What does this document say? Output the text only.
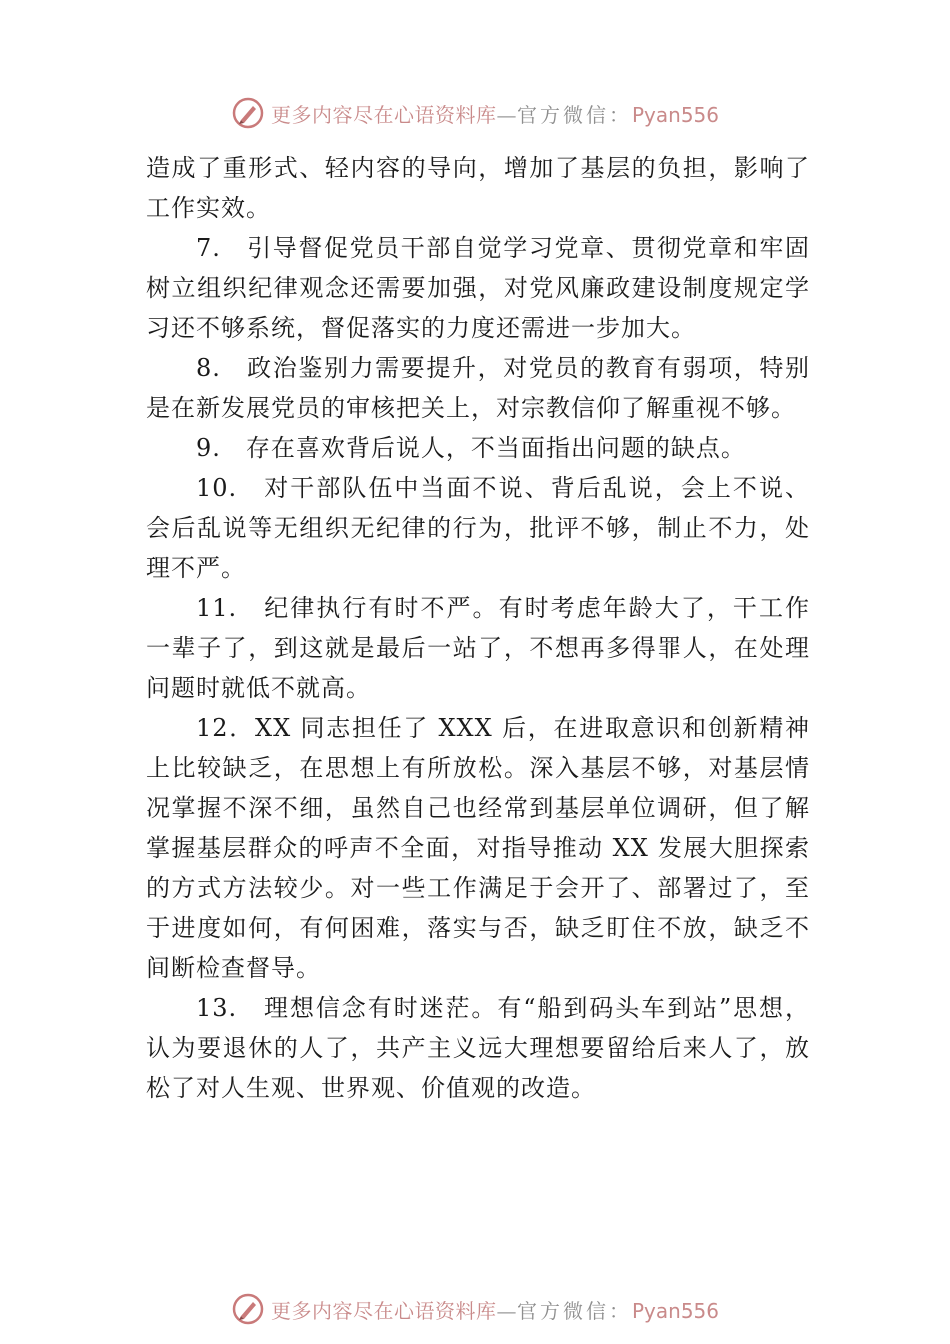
更多内容尽在心语资料库—官方微信：Pyan556

造成了重形式、轻内容的导向，增加了基层的负担，影响了工作实效。

7.　引导督促党员干部自觉学习党章、贯彻党章和牢固树立组织纪律观念还需要加强，对党风廉政建设制度规定学习还不够系统，督促落实的力度还需进一步加大。

8.　政治鉴别力需要提升，对党员的教育有弱项，特别是在新发展党员的审核把关上，对宗教信仰了解重视不够。

9.　存在喜欢背后说人，不当面指出问题的缺点。

10.　对干部队伍中当面不说、背后乱说，会上不说、会后乱说等无组织无纪律的行为，批评不够，制止不力，处理不严。

11.　纪律执行有时不严。有时考虑年龄大了，干工作一辈子了，到这就是最后一站了，不想再多得罪人，在处理问题时就低不就高。

12．XX 同志担任了 XXX 后，在进取意识和创新精神上比较缺乏，在思想上有所放松。深入基层不够，对基层情况掌握不深不细，虽然自己也经常到基层单位调研，但了解掌握基层群众的呼声不全面，对指导推动 XX 发展大胆探索的方式方法较少。对一些工作满足于会开了、部署过了，至于进度如何，有何困难，落实与否，缺乏盯住不放，缺乏不间断检查督导。

13.　理想信念有时迷茫。有“船到码头车到站”思想，认为要退休的人了，共产主义远大理想要留给后来人了，放松了对人生观、世界观、价值观的改造。

更多内容尽在心语资料库—官方微信：Pyan556
